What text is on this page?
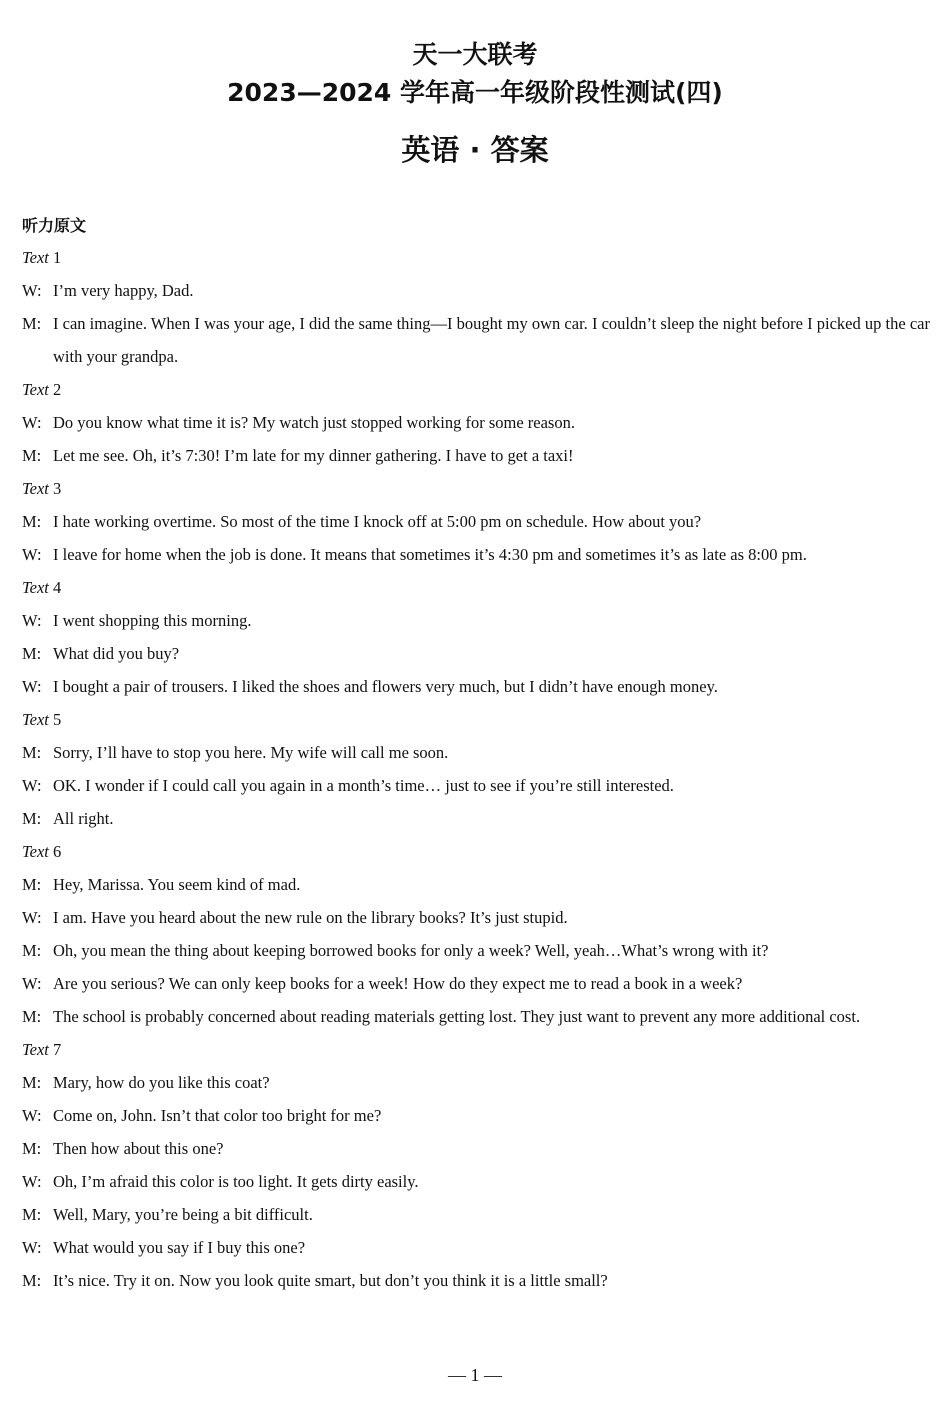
天一大联考
2023—2024 学年高一年级阶段性测试(四)
英语 · 答案
听力原文
Text 1
W: I’m very happy, Dad.
M: I can imagine. When I was your age, I did the same thing—I bought my own car. I couldn’t sleep the night before I picked up the car with your grandpa.
Text 2
W: Do you know what time it is? My watch just stopped working for some reason.
M: Let me see. Oh, it’s 7:30! I’m late for my dinner gathering. I have to get a taxi!
Text 3
M: I hate working overtime. So most of the time I knock off at 5:00 pm on schedule. How about you?
W: I leave for home when the job is done. It means that sometimes it’s 4:30 pm and sometimes it’s as late as 8:00 pm.
Text 4
W: I went shopping this morning.
M: What did you buy?
W: I bought a pair of trousers. I liked the shoes and flowers very much, but I didn’t have enough money.
Text 5
M: Sorry, I’ll have to stop you here. My wife will call me soon.
W: OK. I wonder if I could call you again in a month’s time… just to see if you’re still interested.
M: All right.
Text 6
M: Hey, Marissa. You seem kind of mad.
W: I am. Have you heard about the new rule on the library books? It’s just stupid.
M: Oh, you mean the thing about keeping borrowed books for only a week? Well, yeah…What’s wrong with it?
W: Are you serious? We can only keep books for a week! How do they expect me to read a book in a week?
M: The school is probably concerned about reading materials getting lost. They just want to prevent any more additional cost.
Text 7
M: Mary, how do you like this coat?
W: Come on, John. Isn’t that color too bright for me?
M: Then how about this one?
W: Oh, I’m afraid this color is too light. It gets dirty easily.
M: Well, Mary, you’re being a bit difficult.
W: What would you say if I buy this one?
M: It’s nice. Try it on. Now you look quite smart, but don’t you think it is a little small?
— 1 —
